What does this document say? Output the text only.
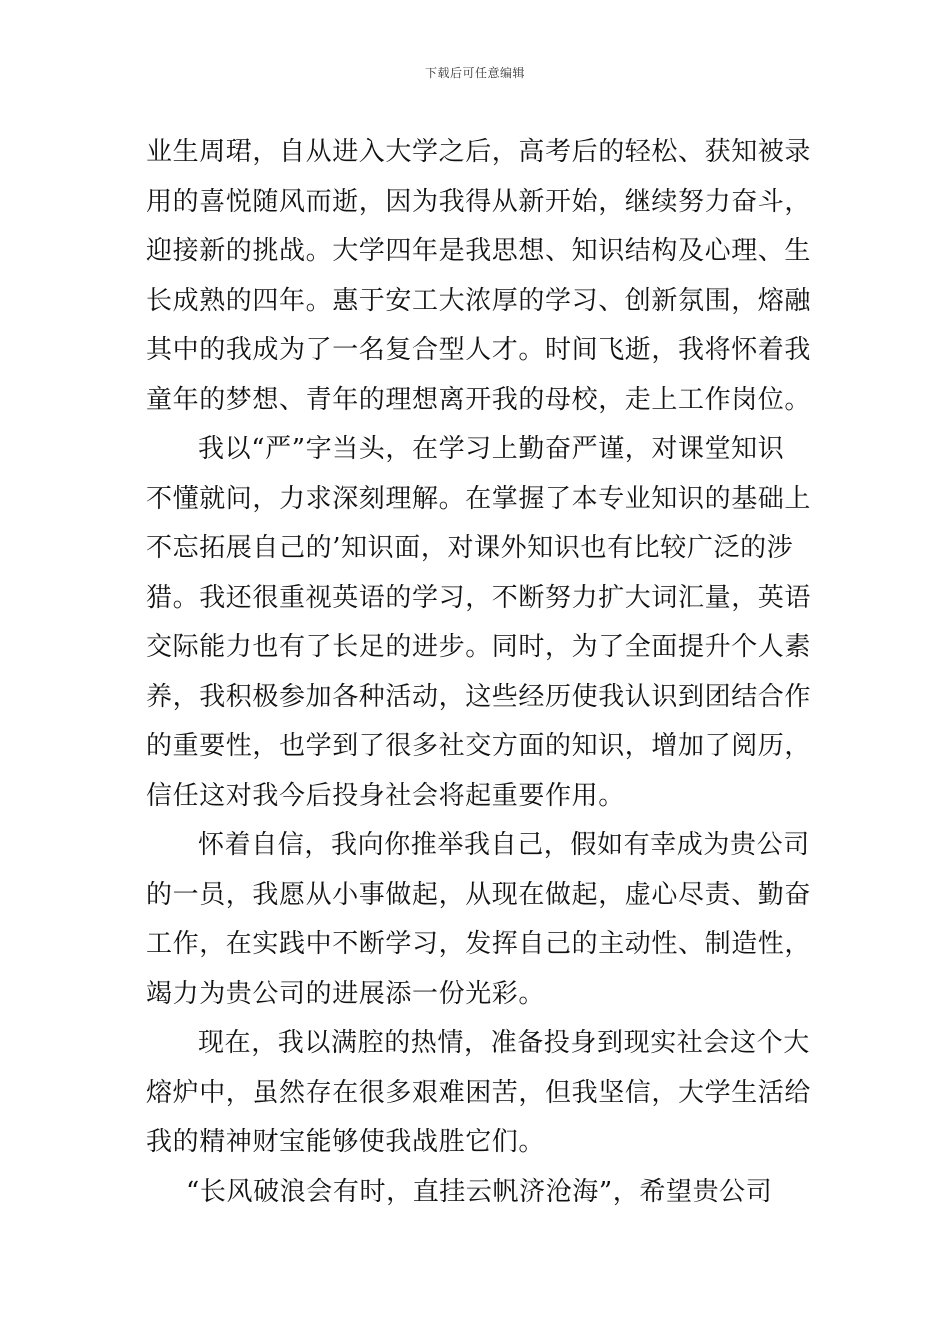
下载后可任意编辑
业生周珺，自从进入大学之后，高考后的轻松、获知被录
用的喜悦随风而逝，因为我得从新开始，继续努力奋斗，
迎接新的挑战。大学四年是我思想、知识结构及心理、生
长成熟的四年。惠于安工大浓厚的学习、创新氛围，熔融
其中的我成为了一名复合型人才。时间飞逝，我将怀着我
童年的梦想、青年的理想离开我的母校，走上工作岗位。
我以“严”字当头，在学习上勤奋严谨，对课堂知识
不懂就问，力求深刻理解。在掌握了本专业知识的基础上
不忘拓展自己的’知识面，对课外知识也有比较广泛的涉
猎。我还很重视英语的学习，不断努力扩大词汇量，英语
交际能力也有了长足的进步。同时，为了全面提升个人素
养，我积极参加各种活动，这些经历使我认识到团结合作
的重要性，也学到了很多社交方面的知识，增加了阅历，
信任这对我今后投身社会将起重要作用。
怀着自信，我向你推举我自己，假如有幸成为贵公司
的一员，我愿从小事做起，从现在做起，虚心尽责、勤奋
工作，在实践中不断学习，发挥自己的主动性、制造性，
竭力为贵公司的进展添一份光彩。
现在，我以满腔的热情，准备投身到现实社会这个大
熔炉中，虽然存在很多艰难困苦，但我坚信，大学生活给
我的精神财宝能够使我战胜它们。
“长风破浪会有时，直挂云帆济沧海”，希望贵公司
